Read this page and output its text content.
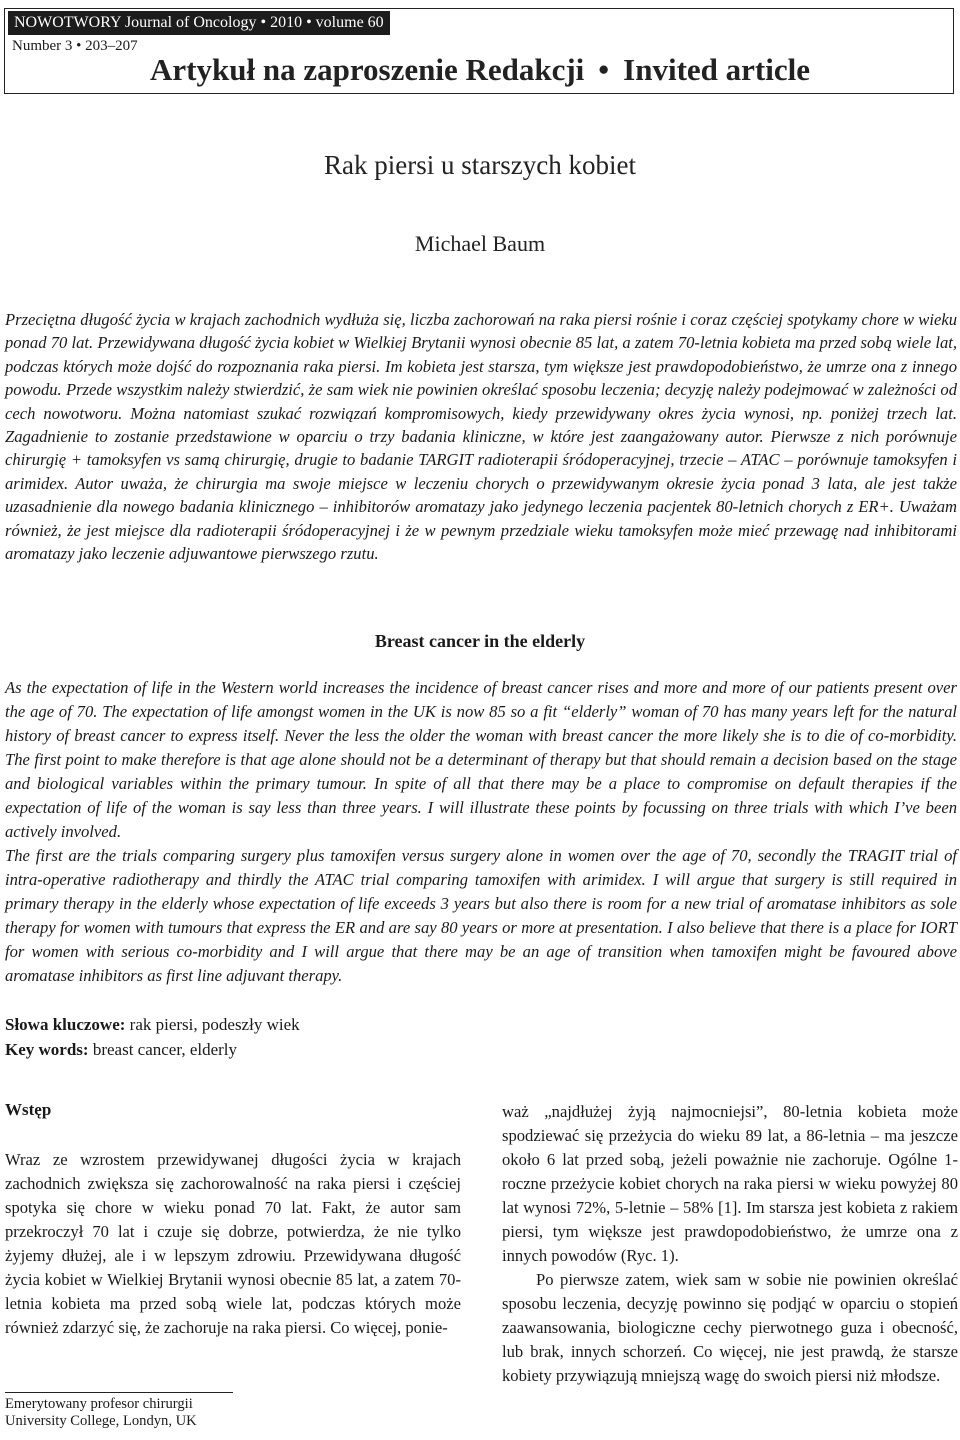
NOWOTWORY Journal of Oncology • 2010 • volume 60
Number 3 • 203–207
Artykuł na zaproszenie Redakcji • Invited article
Rak piersi u starszych kobiet
Michael Baum

Przeciętna długość życia w krajach zachodnich wydłuża się, liczba zachorowań na raka piersi rośnie i coraz częściej spotykamy chore w wieku ponad 70 lat. Przewidywana długość życia kobiet w Wielkiej Brytanii wynosi obecnie 85 lat, a zatem 70-letnia kobieta ma przed sobą wiele lat, podczas których może dojść do rozpoznania raka piersi. Im kobieta jest starsza, tym większe jest prawdopodobieństwo, że umrze ona z innego powodu. Przede wszystkim należy stwierdzić, że sam wiek nie powinien określać sposobu leczenia; decyzję należy podejmować w zależności od cech nowotworu. Można natomiast szukać rozwiązań kompromisowych, kiedy przewidywany okres życia wynosi, np. poniżej trzech lat. Zagadnienie to zostanie przedstawione w oparciu o trzy badania kliniczne, w które jest zaangażowany autor. Pierwsze z nich porównuje chirurgię + tamoksyfen vs samą chirurgię, drugie to badanie TARGIT radioterapii śródoperacyjnej, trzecie – ATAC – porównuje tamoksyfen i arimidex. Autor uważa, że chirurgia ma swoje miejsce w leczeniu chorych o przewidywanym okresie życia ponad 3 lata, ale jest także uzasadnienie dla nowego badania klinicznego – inhibitorów aromatazy jako jedynego leczenia pacjentek 80-letnich chorych z ER+. Uważam również, że jest miejsce dla radioterapii śródoperacyjnej i że w pewnym przedziale wieku tamoksyfen może mieć przewagę nad inhibitorami aromatazy jako leczenie adjuwantowe pierwszego rzutu.

Breast cancer in the elderly

As the expectation of life in the Western world increases the incidence of breast cancer rises and more and more of our patients present over the age of 70. The expectation of life amongst women in the UK is now 85 so a fit “elderly” woman of 70 has many years left for the natural history of breast cancer to express itself. Never the less the older the woman with breast cancer the more likely she is to die of co-morbidity. The first point to make therefore is that age alone should not be a determinant of therapy but that should remain a decision based on the stage and biological variables within the primary tumour. In spite of all that there may be a place to compromise on default therapies if the expectation of life of the woman is say less than three years. I will illustrate these points by focussing on three trials with which I’ve been actively involved.

The first are the trials comparing surgery plus tamoxifen versus surgery alone in women over the age of 70, secondly the TRAGIT trial of intra-operative radiotherapy and thirdly the ATAC trial comparing tamoxifen with arimidex. I will argue that surgery is still required in primary therapy in the elderly whose expectation of life exceeds 3 years but also there is room for a new trial of aromatase inhibitors as sole therapy for women with tumours that express the ER and are say 80 years or more at presentation. I also believe that there is a place for IORT for women with serious co-morbidity and I will argue that there may be an age of transition when tamoxifen might be favoured above aromatase inhibitors as first line adjuvant therapy.

Słowa kluczowe: rak piersi, podeszły wiek
Key words: breast cancer, elderly
Wstęp

Wraz ze wzrostem przewidywanej długości życia w krajach zachodnich zwiększa się zachorowalność na raka piersi i częściej spotyka się chore w wieku ponad 70 lat. Fakt, że autor sam przekroczył 70 lat i czuje się dobrze, potwierdza, że nie tylko żyjemy dłużej, ale i w lepszym zdrowiu. Przewidywana długość życia kobiet w Wielkiej Brytanii wynosi obecnie 85 lat, a zatem 70-letnia kobieta ma przed sobą wiele lat, podczas których może również zdarzyć się, że zachoruje na raka piersi. Co więcej, ponie-

waż „najdłużej żyją najmocniejsi”, 80-letnia kobieta może spodziewać się przeżycia do wieku 89 lat, a 86-letnia – ma jeszcze około 6 lat przed sobą, jeżeli poważnie nie zachoruje. Ogólne 1-roczne przeżycie kobiet chorych na raka piersi w wieku powyżej 80 lat wynosi 72%, 5-letnie – 58% [1]. Im starsza jest kobieta z rakiem piersi, tym większe jest prawdopodobieństwo, że umrze ona z innych powodów (Ryc. 1).

Po pierwsze zatem, wiek sam w sobie nie powinien określać sposobu leczenia, decyzję powinno się podjąć w oparciu o stopień zaawansowania, biologiczne cechy pierwotnego guza i obecność, lub brak, innych schorzeń. Co więcej, nie jest prawdą, że starsze kobiety przywiązują mniejszą wagę do swoich piersi niż młodsze.

Emerytowany profesor chirurgii
University College, Londyn, UK
